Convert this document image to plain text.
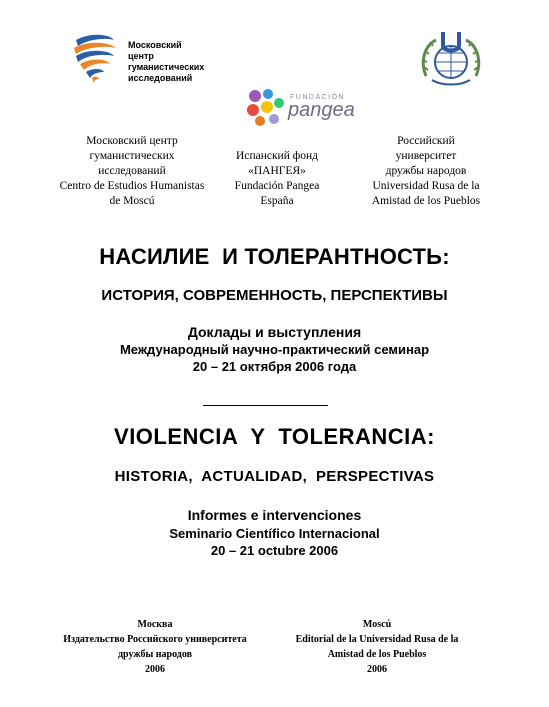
Московский
центр
гуманистических
исследований
FUNDACIÓN
pangea
Московский центр
гуманистических
исследований
Centro de Estudios Humanistas
de Moscú
Испанский фонд
«ПАНГЕЯ»
Fundación Pangea
España
Российский
университет
дружбы народов
Universidad Rusa de la
Amistad de los Pueblos
НАСИЛИЕ  И ТОЛЕРАНТНОСТЬ:
ИСТОРИЯ, СОВРЕМЕННОСТЬ, ПЕРСПЕКТИВЫ
Доклады и выступления
Международный научно-практический семинар
20 – 21 октября 2006 года
VIOLENCIA  Y  TOLERANCIA:
HISTORIA,  ACTUALIDAD,  PERSPECTIVAS
Informes e intervenciones
Seminario Científico Internacional
20 – 21 octubre 2006
Москва
Издательство Российского университета
дружбы народов
2006
Moscú
Editorial de la Universidad Rusa de la
Amistad de los Pueblos
2006
